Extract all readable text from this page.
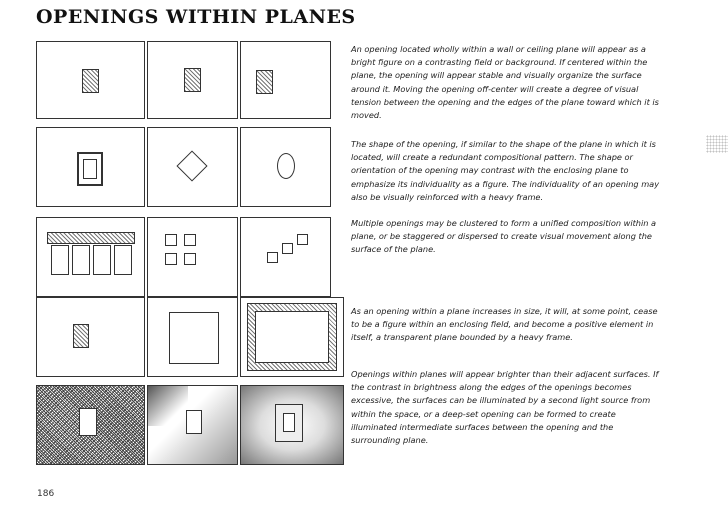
OPENINGS WITHIN PLANES
An opening located wholly within a wall or ceiling plane will appear as a bright figure on a contrasting field or background. If centered within the plane, the opening will appear stable and visually organize the surface around it. Moving the opening off-center will create a degree of visual tension between the opening and the edges of the plane toward which it is moved.
The shape of the opening, if similar to the shape of the plane in which it is located, will create a redundant compositional pattern. The shape or orientation of the opening may contrast with the enclosing plane to emphasize its individuality as a figure. The individuality of an opening may also be visually reinforced with a heavy frame.
Multiple openings may be clustered to form a unified composition within a plane, or be staggered or dispersed to create visual movement along the surface of the plane.
As an opening within a plane increases in size, it will, at some point, cease to be a figure within an enclosing field, and become a positive element in itself, a transparent plane bounded by a heavy frame.
Openings within planes will appear brighter than their adjacent surfaces. If the contrast in brightness along the edges of the openings becomes excessive, the surfaces can be illuminated by a second light source from within the space, or a deep-set opening can be formed to create illuminated intermediate surfaces between the opening and the surrounding plane.
186
